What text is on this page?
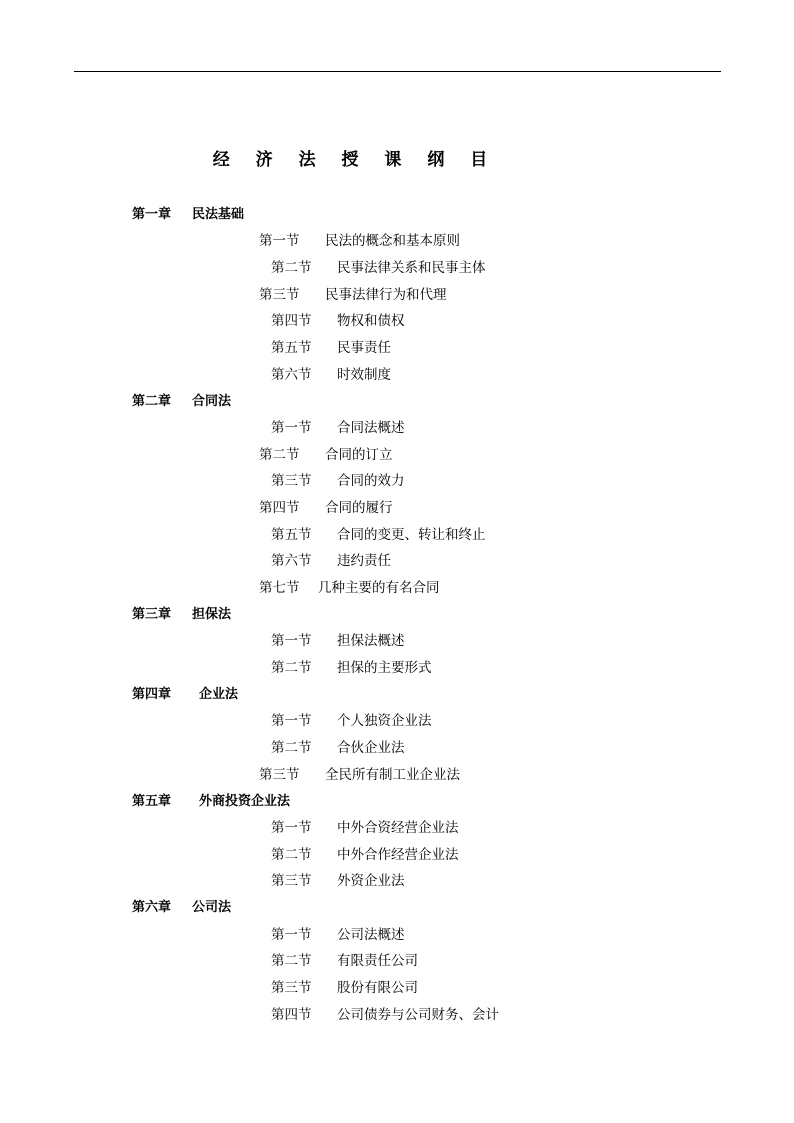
经 济 法 授 课 纲 目
第一章 民法基础
第一节 民法的概念和基本原则
第二节 民事法律关系和民事主体
第三节 民事法律行为和代理
第四节 物权和债权
第五节 民事责任
第六节 时效制度
第二章 合同法
第一节 合同法概述
第二节 合同的订立
第三节 合同的效力
第四节 合同的履行
第五节 合同的变更、转让和终止
第六节 违约责任
第七节 几种主要的有名合同
第三章 担保法
第一节 担保法概述
第二节 担保的主要形式
第四章 企业法
第一节 个人独资企业法
第二节 合伙企业法
第三节 全民所有制工业企业法
第五章 外商投资企业法
第一节 中外合资经营企业法
第二节 中外合作经营企业法
第三节 外资企业法
第六章 公司法
第一节 公司法概述
第二节 有限责任公司
第三节 股份有限公司
第四节 公司债券与公司财务、会计
